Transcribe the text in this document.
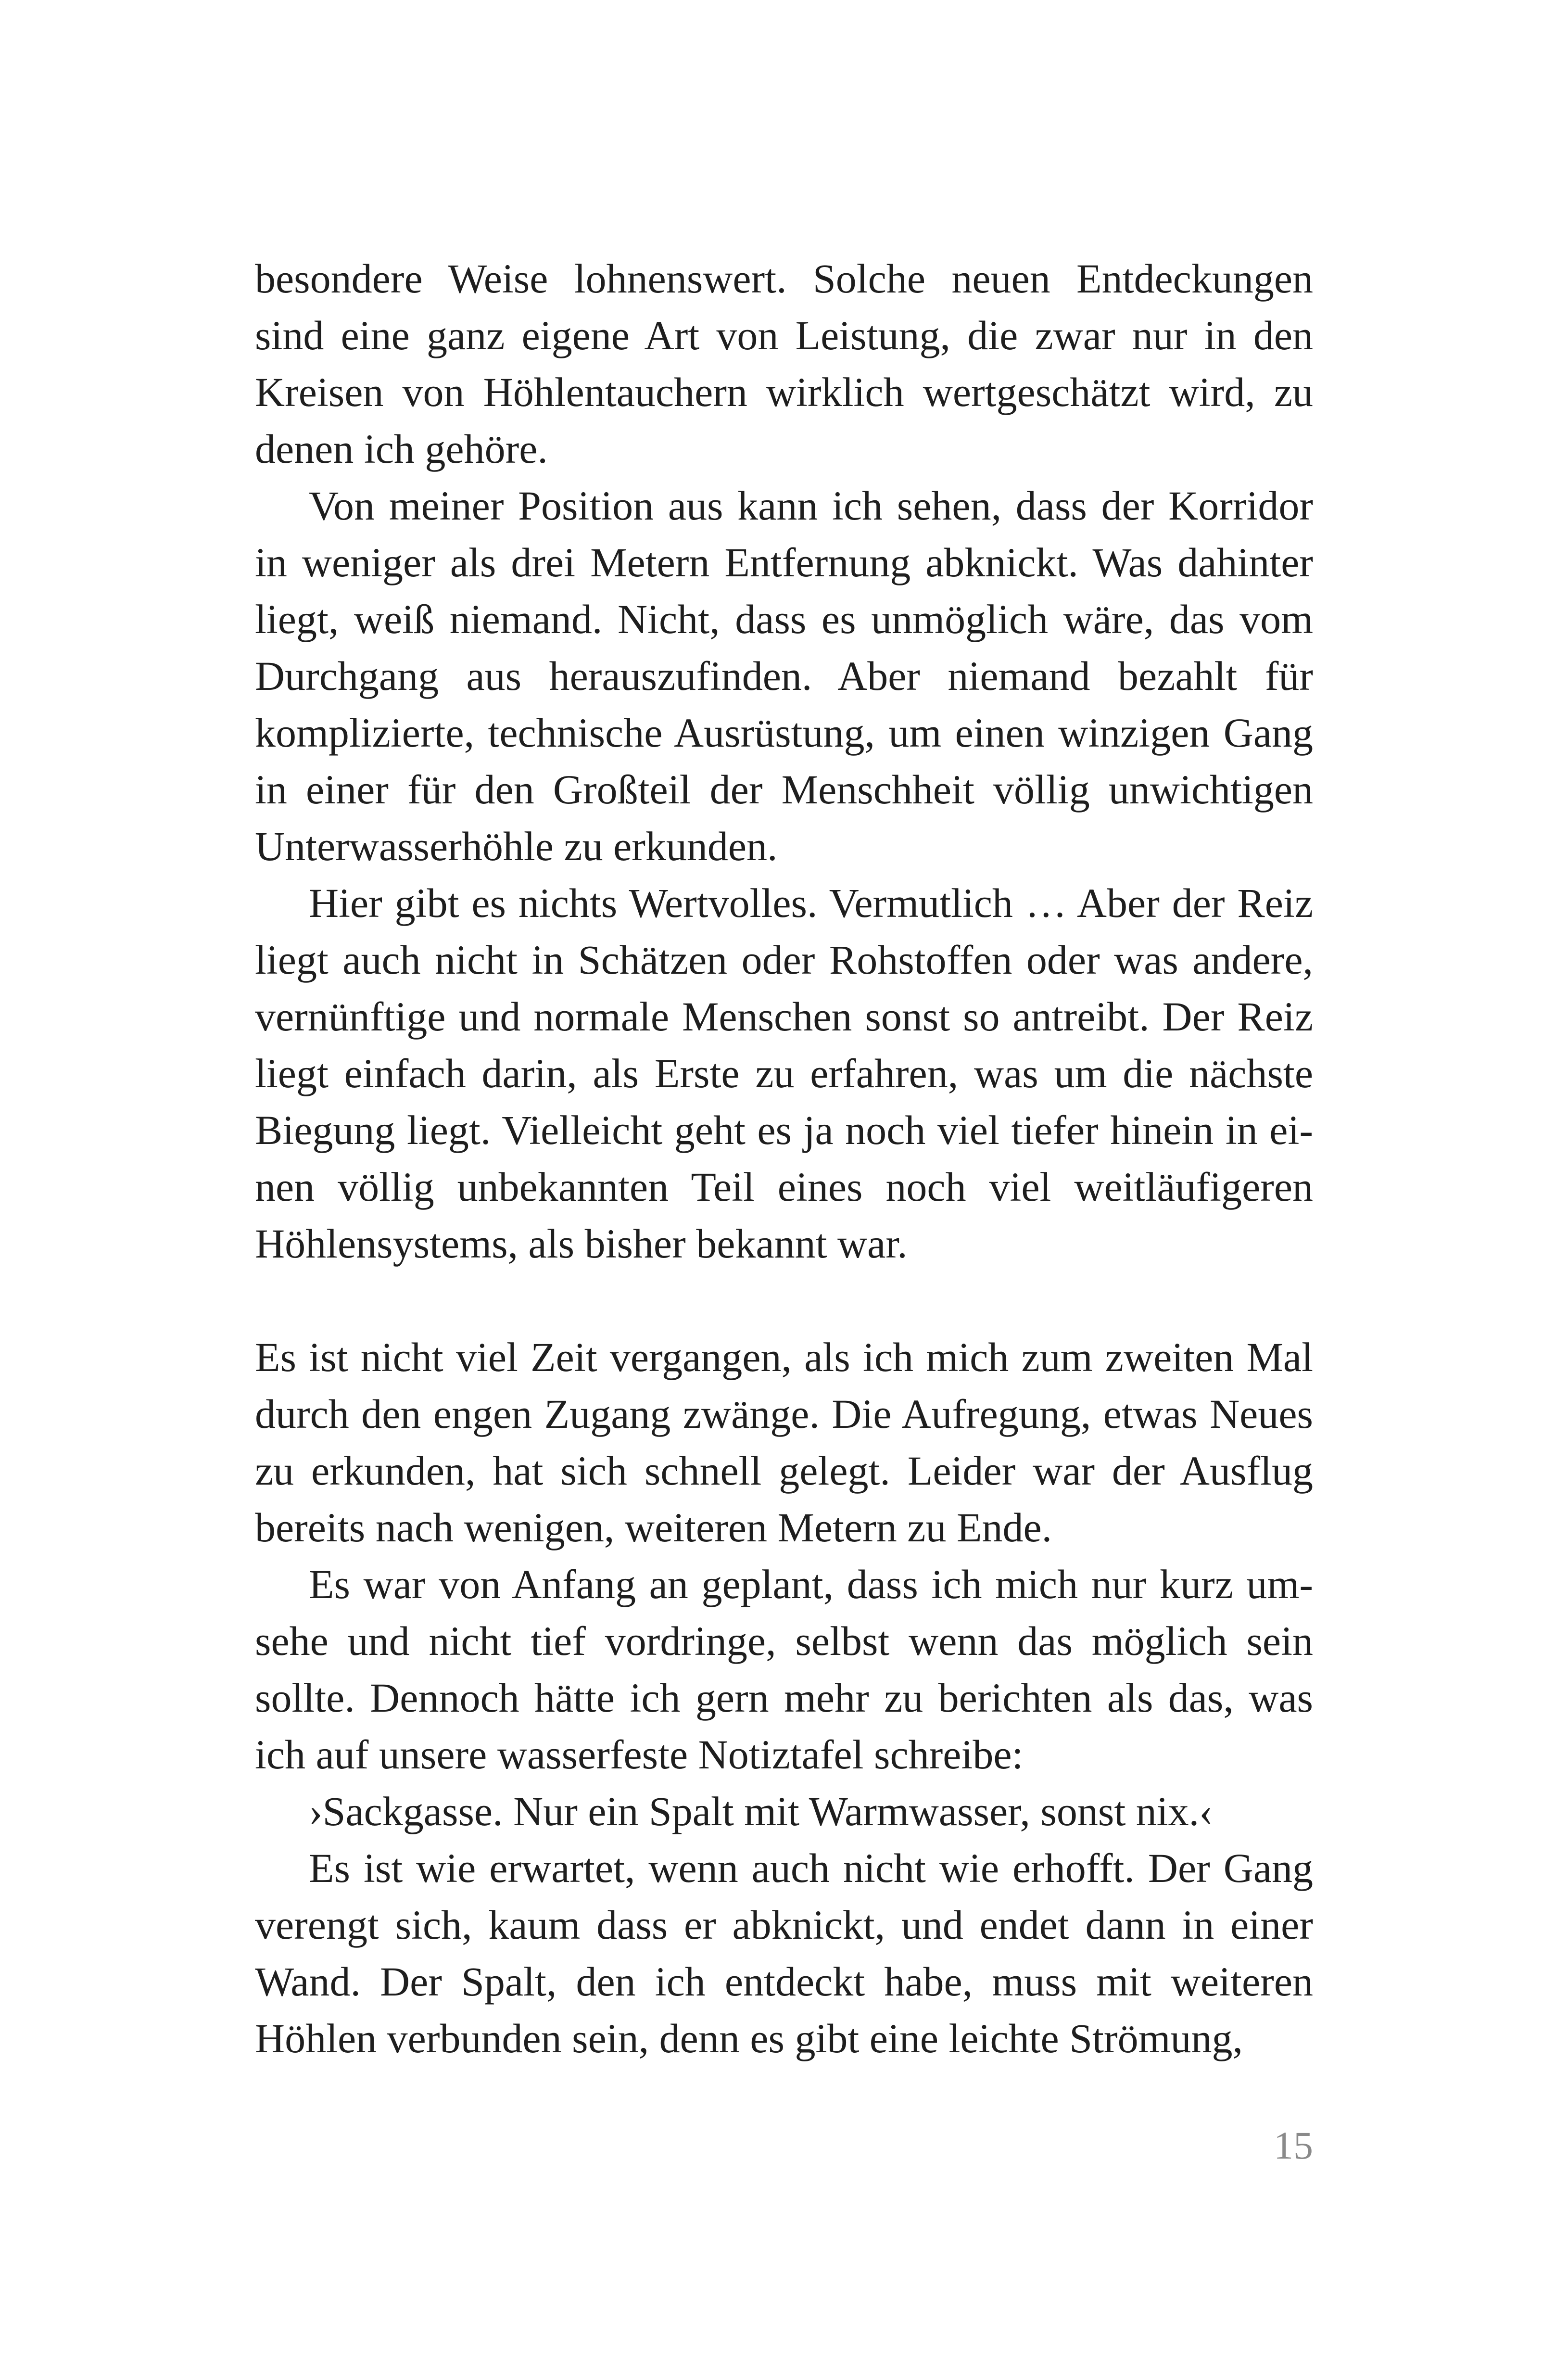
besondere Weise lohnenswert. Solche neuen Entdeckungen sind eine ganz eigene Art von Leistung, die zwar nur in den Kreisen von Höhlentauchern wirklich wertgeschätzt wird, zu denen ich gehöre.

Von meiner Position aus kann ich sehen, dass der Korridor in weniger als drei Metern Entfernung abknickt. Was dahinter liegt, weiß niemand. Nicht, dass es unmöglich wäre, das vom Durchgang aus herauszufinden. Aber niemand bezahlt für komplizierte, technische Ausrüstung, um einen winzigen Gang in einer für den Großteil der Menschheit völlig unwichtigen Unterwasserhöhle zu erkunden.

Hier gibt es nichts Wertvolles. Vermutlich … Aber der Reiz liegt auch nicht in Schätzen oder Rohstoffen oder was andere, vernünftige und normale Menschen sonst so antreibt. Der Reiz liegt einfach darin, als Erste zu erfahren, was um die nächste Biegung liegt. Vielleicht geht es ja noch viel tiefer hinein in einen völlig unbekannten Teil eines noch viel weitläufigeren Höhlensystems, als bisher bekannt war.

Es ist nicht viel Zeit vergangen, als ich mich zum zweiten Mal durch den engen Zugang zwänge. Die Aufregung, etwas Neues zu erkunden, hat sich schnell gelegt. Leider war der Ausflug bereits nach wenigen, weiteren Metern zu Ende.

Es war von Anfang an geplant, dass ich mich nur kurz umsehe und nicht tief vordringe, selbst wenn das möglich sein sollte. Dennoch hätte ich gern mehr zu berichten als das, was ich auf unsere wasserfeste Notiztafel schreibe:

›Sackgasse. Nur ein Spalt mit Warmwasser, sonst nix.‹

Es ist wie erwartet, wenn auch nicht wie erhofft. Der Gang verengt sich, kaum dass er abknickt, und endet dann in einer Wand. Der Spalt, den ich entdeckt habe, muss mit weiteren Höhlen verbunden sein, denn es gibt eine leichte Strömung,

15
